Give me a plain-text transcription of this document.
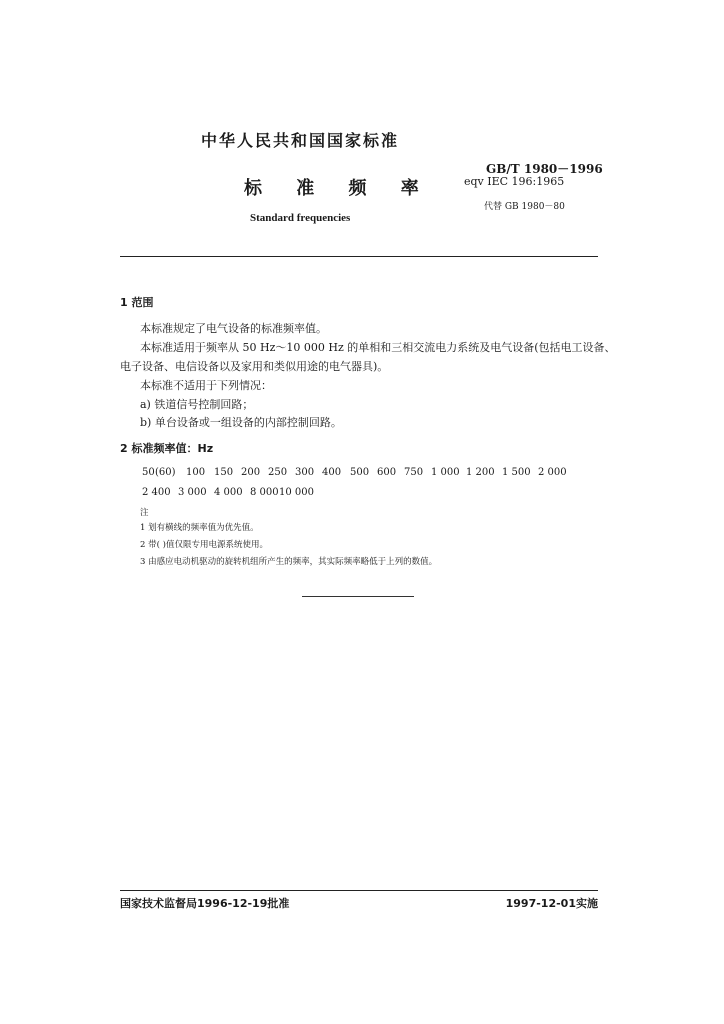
中华人民共和国国家标准
标 准 频 率
Standard frequencies
GB/T 1980－1996
eqv IEC 196:1965
代替 GB 1980－80
1 范围
本标准规定了电气设备的标准频率值。
本标准适用于频率从 50 Hz～10 000 Hz 的单相和三相交流电力系统及电气设备(包括电工设备、
电子设备、电信设备以及家用和类似用途的电气器具)。
本标准不适用于下列情况：
a) 铁道信号控制回路；
b) 单台设备或一组设备的内部控制回路。
2 标准频率值：Hz
50 (60) 100 150 200 250 300 400 500 600 750 1 000 1 200 1 500 2 000
2 400 3 000 4 000 8 000 10 000
注
1 划有横线的频率值为优先值。
2 带( )值仅限专用电源系统使用。
3 由感应电动机驱动的旋转机组所产生的频率，其实际频率略低于上列的数值。
国家技术监督局1996-12-19批准	1997-12-01实施
